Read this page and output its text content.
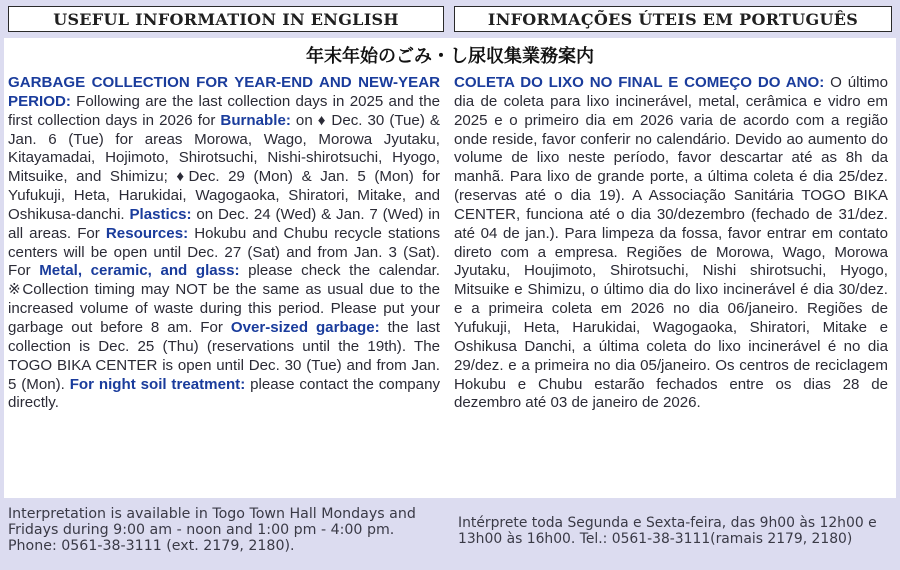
USEFUL INFORMATION IN ENGLISH	INFORMAÇÕES ÚTEIS EM PORTUGUÊS
年末年始のごみ・し尿収集業務案内
GARBAGE COLLECTION FOR YEAR-END AND NEW-YEAR PERIOD: Following are the last collection days in 2025 and the first collection days in 2026 for Burnable: on ♦ Dec. 30 (Tue) & Jan. 6 (Tue) for areas Morowa, Wago, Morowa Jyutaku, Kitayamadai, Hojimoto, Shirotsuchi, Nishi-shirotsuchi, Hyogo, Mitsuike, and Shimizu; ♦Dec. 29 (Mon) & Jan. 5 (Mon) for Yufukuji, Heta, Harukidai, Wagogaoka, Shiratori, Mitake, and Oshikusa-danchi. Plastics: on Dec. 24 (Wed) & Jan. 7 (Wed) in all areas. For Resources: Hokubu and Chubu recycle stations centers will be open until Dec. 27 (Sat) and from Jan. 3 (Sat). For Metal, ceramic, and glass: please check the calendar. ※Collection timing may NOT be the same as usual due to the increased volume of waste during this period. Please put your garbage out before 8 am. For Over-sized garbage: the last collection is Dec. 25 (Thu) (reservations until the 19th). The TOGO BIKA CENTER is open until Dec. 30 (Tue) and from Jan. 5 (Mon). For night soil treatment: please contact the company directly.
COLETA DO LIXO NO FINAL E COMEÇO DO ANO: O último dia de coleta para lixo incinerável, metal, cerâmica e vidro em 2025 e o primeiro dia em 2026 varia de acordo com a região onde reside, favor conferir no calendário. Devido ao aumento do volume de lixo neste período, favor descartar até as 8h da manhã. Para lixo de grande porte, a última coleta é dia 25/dez. (reservas até o dia 19). A Associação Sanitária TOGO BIKA CENTER, funciona até o dia 30/dezembro (fechado de 31/dez. até 04 de jan.). Para limpeza da fossa, favor entrar em contato direto com a empresa. Regiões de Morowa, Wago, Morowa Jyutaku, Houjimoto, Shirotsuchi, Nishi shirotsuchi, Hyogo, Mitsuike e Shimizu, o último dia do lixo incinerável é dia 30/dez. e a primeira coleta em 2026 no dia 06/janeiro. Regiões de Yufukuji, Heta, Harukidai, Wagogaoka, Shiratori, Mitake e Oshikusa Danchi, a última coleta do lixo incinerável é no dia 29/dez. e a primeira no dia 05/janeiro. Os centros de reciclagem Hokubu e Chubu estarão fechados entre os dias 28 de dezembro até 03 de janeiro de 2026.
Interpretation is available in Togo Town Hall Mondays and Fridays during 9:00 am - noon and 1:00 pm - 4:00 pm. Phone: 0561-38-3111 (ext. 2179, 2180).
Intérprete toda Segunda e Sexta-feira, das 9h00 às 12h00 e 13h00 às 16h00. Tel.: 0561-38-3111(ramais 2179, 2180)
